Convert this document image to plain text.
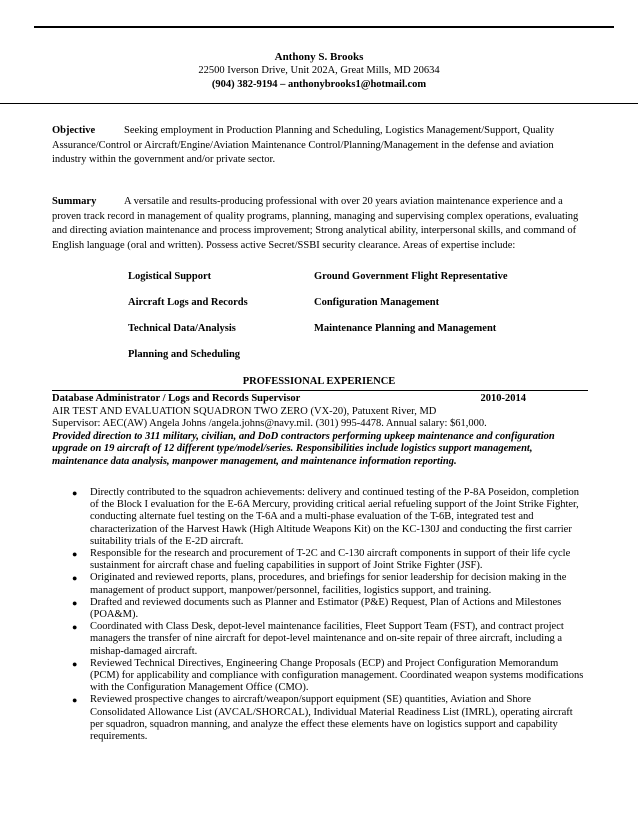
Anthony S. Brooks
22500 Iverson Drive, Unit 202A, Great Mills, MD 20634
(904) 382-9194 – anthonybrooks1@hotmail.com
Objective	Seeking employment in Production Planning and Scheduling, Logistics Management/Support, Quality Assurance/Control or Aircraft/Engine/Aviation Maintenance Control/Planning/Management in the defense and aviation industry within the government and/or private sector.
Summary	A versatile and results-producing professional with over 20 years aviation maintenance experience and a proven track record in management of quality programs, planning, managing and supervising complex operations, evaluating and directing aviation maintenance and process improvement; Strong analytical ability, interpersonal skills, and command of English language (oral and written). Possess active Secret/SSBI security clearance. Areas of expertise include:
Logistical Support	Ground Government Flight Representative
Aircraft Logs and Records	Configuration Management
Technical Data/Analysis	Maintenance Planning and Management
Planning and Scheduling
PROFESSIONAL EXPERIENCE
Database Administrator / Logs and Records Supervisor	2010-2014
AIR TEST AND EVALUATION SQUADRON TWO ZERO (VX-20), Patuxent River, MD
Supervisor: AEC(AW) Angela Johns /angela.johns@navy.mil. (301) 995-4478. Annual salary: $61,000.
Provided direction to 311 military, civilian, and DoD contractors performing upkeep maintenance and configuration upgrade on 19 aircraft of 12 different type/model/series. Responsibilities include logistics support management, maintenance data analysis, manpower management, and maintenance information reporting.
● Directly contributed to the squadron achievements: delivery and continued testing of the P-8A Poseidon, completion of the Block I evaluation for the E-6A Mercury, providing critical aerial refueling support of the Joint Strike Fighter, conducting alternate fuel testing on the T-6A and a multi-phase evaluation of the T-6B, integrated test and characterization of the Harvest Hawk (High Altitude Weapons Kit) on the KC-130J and conducting the first carrier suitability trials of the E-2D aircraft.
● Responsible for the research and procurement of T-2C and C-130 aircraft components in support of their life cycle sustainment for aircraft chase and fueling capabilities in support of Joint Strike Fighter (JSF).
● Originated and reviewed reports, plans, procedures, and briefings for senior leadership for decision making in the management of product support, manpower/personnel, facilities, logistics support, and training.
● Drafted and reviewed documents such as Planner and Estimator (P&E) Request, Plan of Actions and Milestones (POA&M).
● Coordinated with Class Desk, depot-level maintenance facilities, Fleet Support Team (FST), and contract project managers the transfer of nine aircraft for depot-level maintenance and on-site repair of three aircraft, including a mishap-damaged aircraft.
● Reviewed Technical Directives, Engineering Change Proposals (ECP) and Project Configuration Memorandum (PCM) for applicability and compliance with configuration management. Coordinated weapon systems modifications with the Configuration Management Office (CMO).
● Reviewed prospective changes to aircraft/weapon/support equipment (SE) quantities, Aviation and Shore Consolidated Allowance List (AVCAL/SHORCAL), Individual Material Readiness List (IMRL), operating aircraft per squadron, squadron manning, and analyze the effect these elements have on logistics support and capability requirements.
